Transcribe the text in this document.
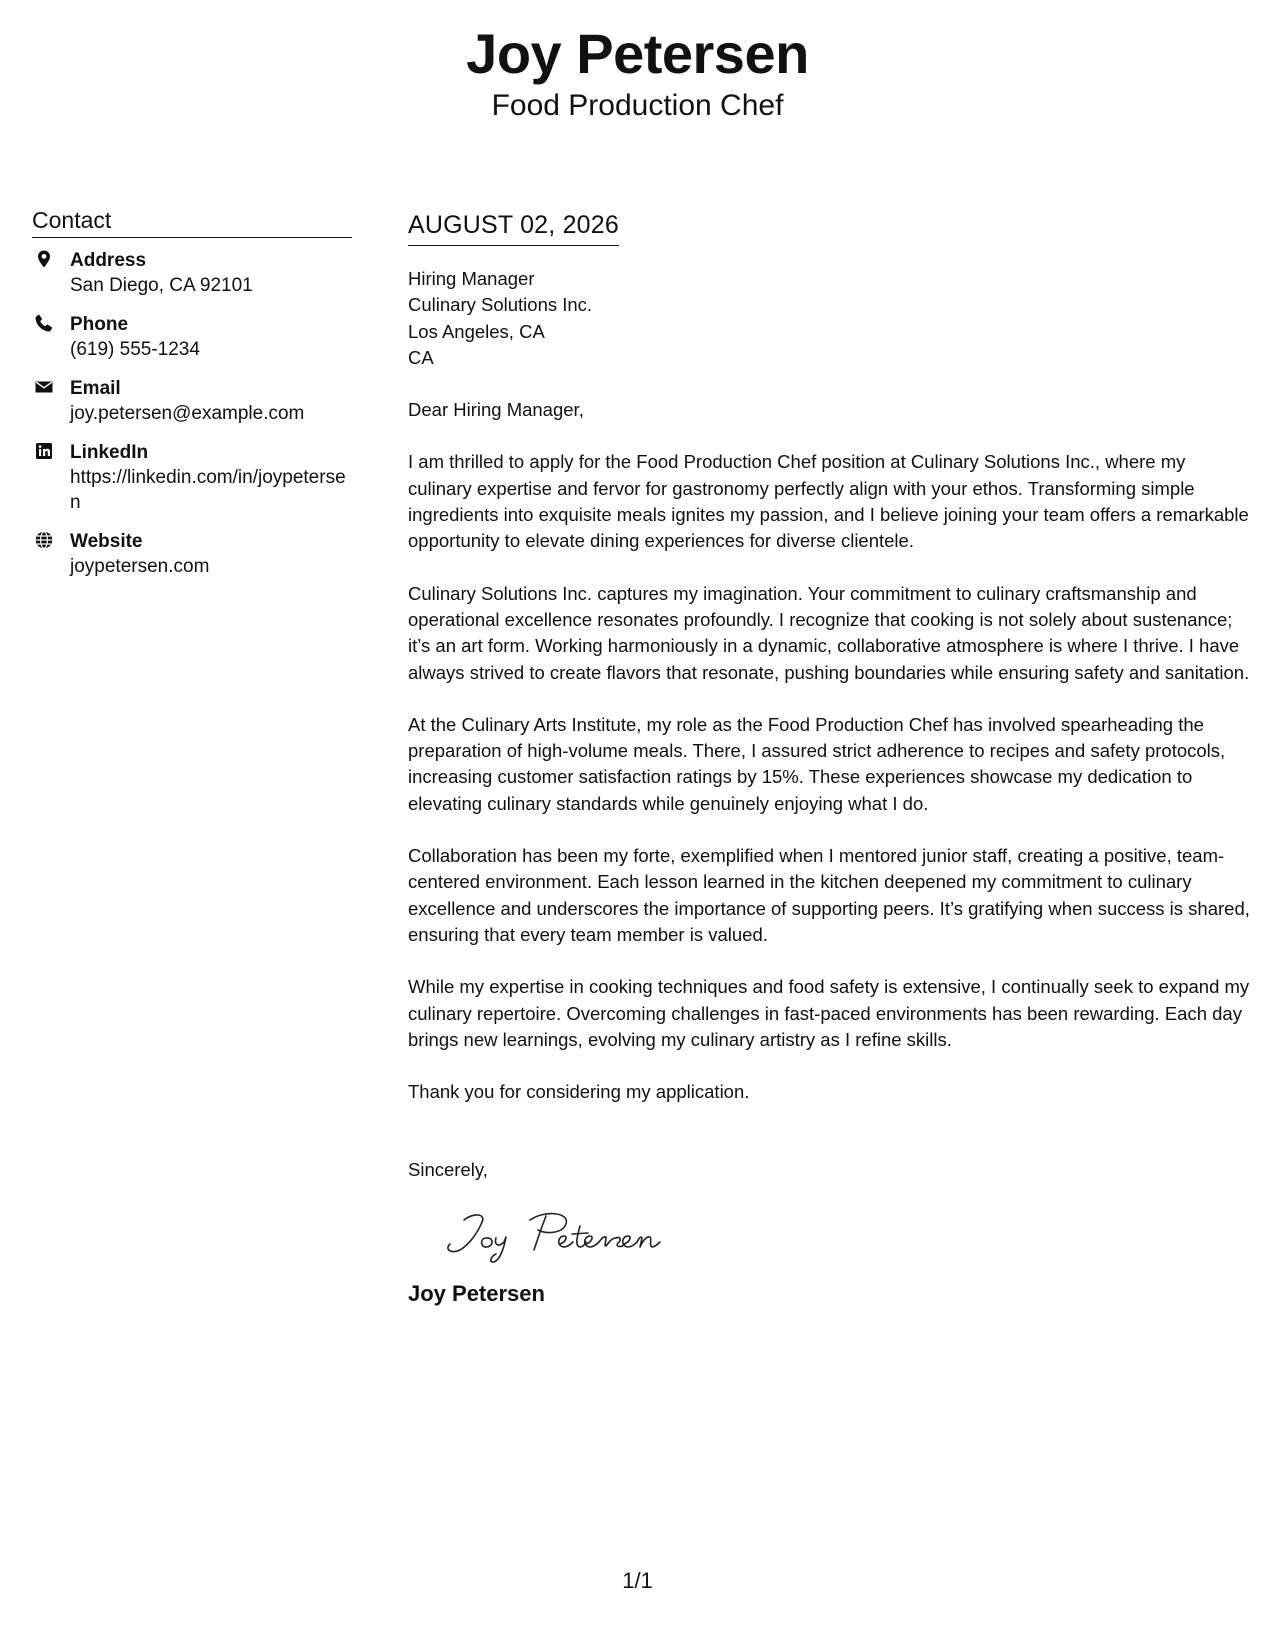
Joy Petersen
Food Production Chef
Contact
Address
San Diego, CA 92101
Phone
(619) 555-1234
Email
joy.petersen@example.com
LinkedIn
https://linkedin.com/in/joypetersen
Website
joypetersen.com
AUGUST 02, 2026
Hiring Manager
Culinary Solutions Inc.
Los Angeles, CA
CA
Dear Hiring Manager,
I am thrilled to apply for the Food Production Chef position at Culinary Solutions Inc., where my culinary expertise and fervor for gastronomy perfectly align with your ethos. Transforming simple ingredients into exquisite meals ignites my passion, and I believe joining your team offers a remarkable opportunity to elevate dining experiences for diverse clientele.
Culinary Solutions Inc. captures my imagination. Your commitment to culinary craftsmanship and operational excellence resonates profoundly. I recognize that cooking is not solely about sustenance; it’s an art form. Working harmoniously in a dynamic, collaborative atmosphere is where I thrive. I have always strived to create flavors that resonate, pushing boundaries while ensuring safety and sanitation.
At the Culinary Arts Institute, my role as the Food Production Chef has involved spearheading the preparation of high-volume meals. There, I assured strict adherence to recipes and safety protocols, increasing customer satisfaction ratings by 15%. These experiences showcase my dedication to elevating culinary standards while genuinely enjoying what I do.
Collaboration has been my forte, exemplified when I mentored junior staff, creating a positive, team-centered environment. Each lesson learned in the kitchen deepened my commitment to culinary excellence and underscores the importance of supporting peers. It’s gratifying when success is shared, ensuring that every team member is valued.
While my expertise in cooking techniques and food safety is extensive, I continually seek to expand my culinary repertoire. Overcoming challenges in fast-paced environments has been rewarding. Each day brings new learnings, evolving my culinary artistry as I refine skills.
Thank you for considering my application.
Sincerely,
Joy Petersen
1/1
